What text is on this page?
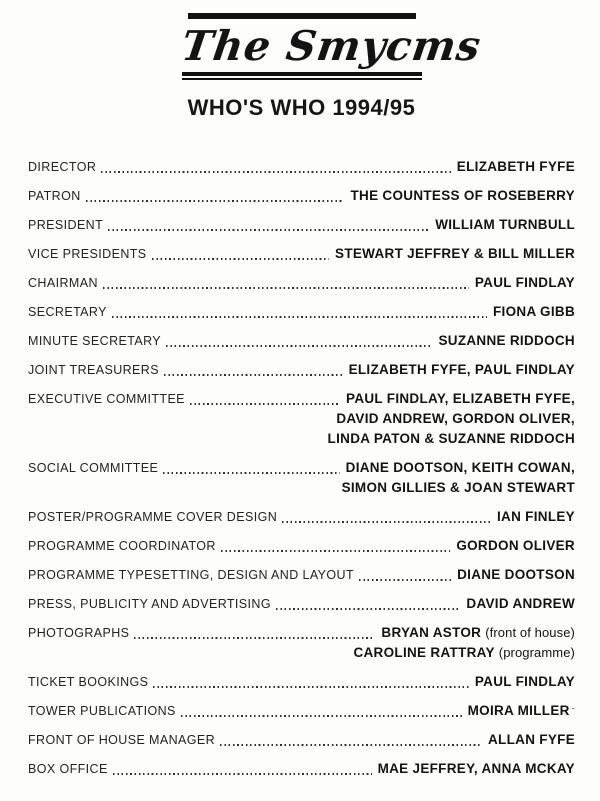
The Smycms
WHO'S WHO 1994/95
DIRECTOR	ELIZABETH FYFE
PATRON	THE COUNTESS OF ROSEBERRY
PRESIDENT	WILLIAM TURNBULL
VICE PRESIDENTS	STEWART JEFFREY & BILL MILLER
CHAIRMAN	PAUL FINDLAY
SECRETARY	FIONA GIBB
MINUTE SECRETARY	SUZANNE RIDDOCH
JOINT TREASURERS	ELIZABETH FYFE, PAUL FINDLAY
EXECUTIVE COMMITTEE	PAUL FINDLAY, ELIZABETH FYFE,
DAVID ANDREW, GORDON OLIVER,
LINDA PATON & SUZANNE RIDDOCH
SOCIAL COMMITTEE	DIANE DOOTSON, KEITH COWAN,
SIMON GILLIES & JOAN STEWART
POSTER/PROGRAMME COVER DESIGN	IAN FINLEY
PROGRAMME COORDINATOR	GORDON OLIVER
PROGRAMME TYPESETTING, DESIGN AND LAYOUT	DIANE DOOTSON
PRESS, PUBLICITY AND ADVERTISING	DAVID ANDREW
PHOTOGRAPHS	BRYAN ASTOR (front of house)
CAROLINE RATTRAY (programme)
TICKET BOOKINGS	PAUL FINDLAY
TOWER PUBLICATIONS	MOIRA MILLER $^ˉ$
FRONT OF HOUSE MANAGER	ALLAN FYFE
BOX OFFICE	MAE JEFFREY, ANNA MCKAY
